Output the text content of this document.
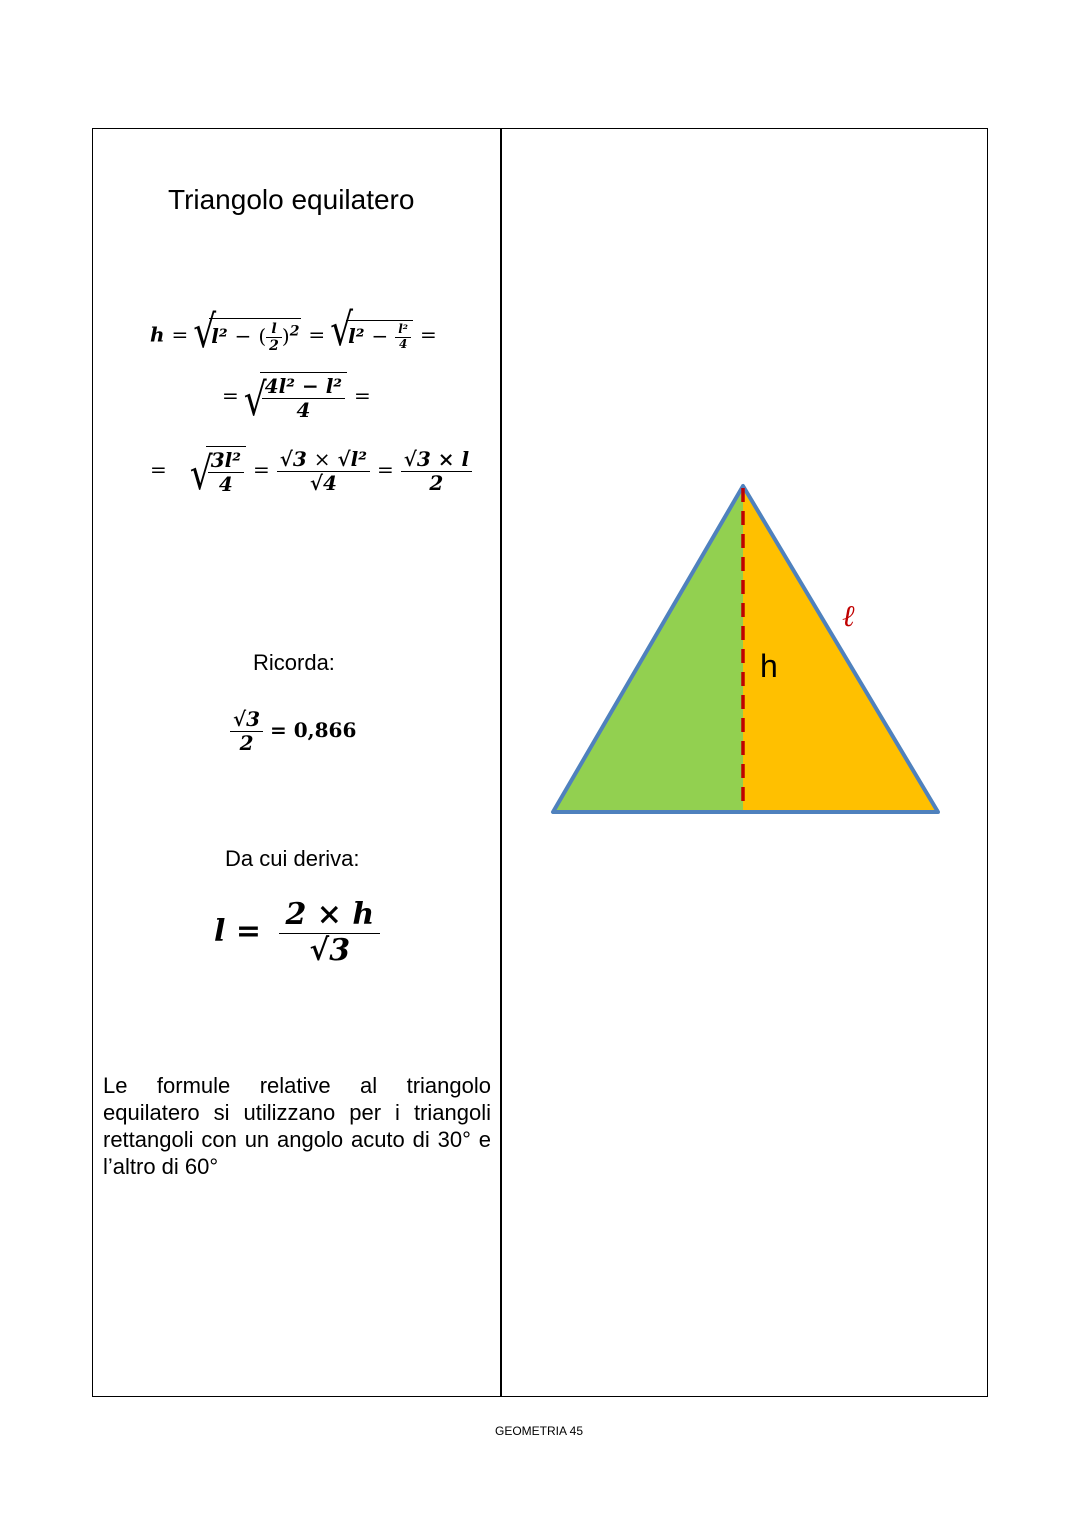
Triangolo equilatero
h = √ l² − ( $\frac{l}{2} )^2$ = √ $l^2 - \frac{\text{l²}}{4}$ =
= √ $\frac{\text{4l² − l²}}{4}$ =
= √ $\frac{\text{3l²}}{4} = \frac{\text{√3 × √l²}}{√4} = \frac{√3 \times l}{2}$
Ricorda:
$\frac{√3}{2} = 0,866$
Da cui deriva:
$l = \frac{2 \times h}{√3}$
Le formule relative al triangolo equilatero si utilizzano per i triangoli rettangoli con un angolo acuto di 30° e l’altro di 60°
h
ℓ
GEOMETRIA 45
